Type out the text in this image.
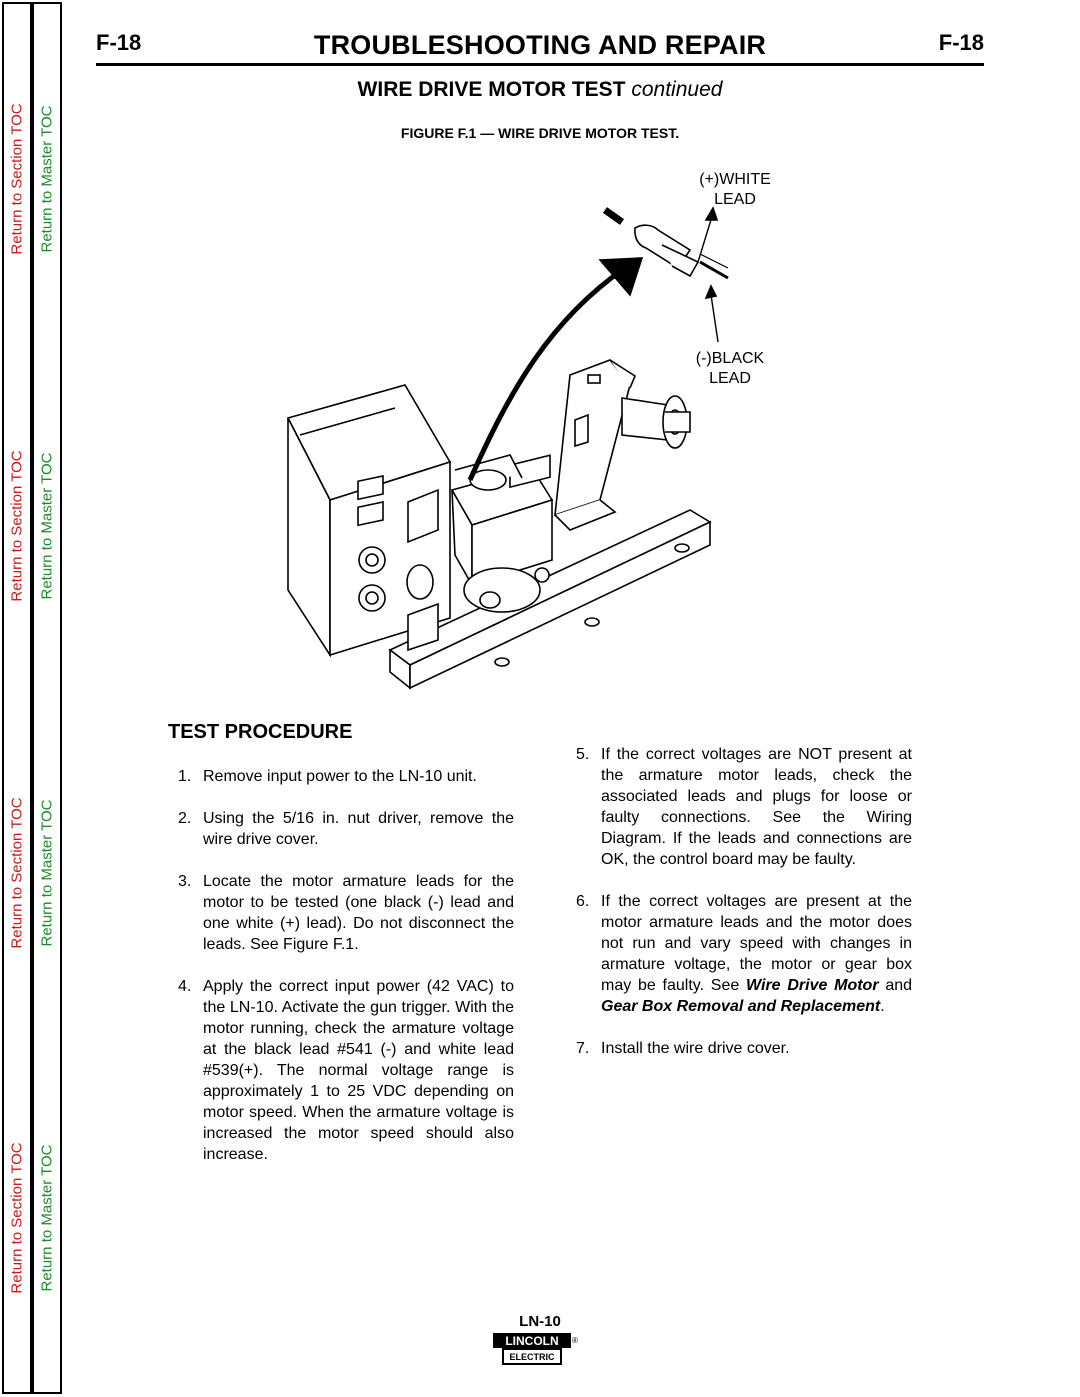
Return to Section TOC
Return to Section TOC
Return to Section TOC
Return to Section TOC
Return to Master TOC
Return to Master TOC
Return to Master TOC
Return to Master TOC
F-18	TROUBLESHOOTING AND REPAIR	F-18
WIRE DRIVE MOTOR TEST continued
FIGURE F.1 — WIRE DRIVE MOTOR TEST.
(+)WHITE
LEAD
(-)BLACK
LEAD
TEST PROCEDURE
1. Remove input power to the LN-10 unit.
2. Using the 5/16 in. nut driver, remove the wire drive cover.
3. Locate the motor armature leads for the motor to be tested (one black (-) lead and one white (+) lead). Do not disconnect the leads. See Figure F.1.
4. Apply the correct input power (42 VAC) to the LN-10. Activate the gun trigger. With the motor running, check the armature voltage at the black lead #541 (-) and white lead #539(+). The normal voltage range is approximately 1 to 25 VDC depending on motor speed. When the armature voltage is increased the motor speed should also increase.
5. If the correct voltages are NOT present at the armature motor leads, check the associated leads and plugs for loose or faulty connections. See the Wiring Diagram. If the leads and connections are OK, the control board may be faulty.
6. If the correct voltages are present at the motor armature leads and the motor does not run and vary speed with changes in armature voltage, the motor or gear box may be faulty. See Wire Drive Motor and Gear Box Removal and Replacement.
7. Install the wire drive cover.
LN-10
LINCOLN
ELECTRIC
®
